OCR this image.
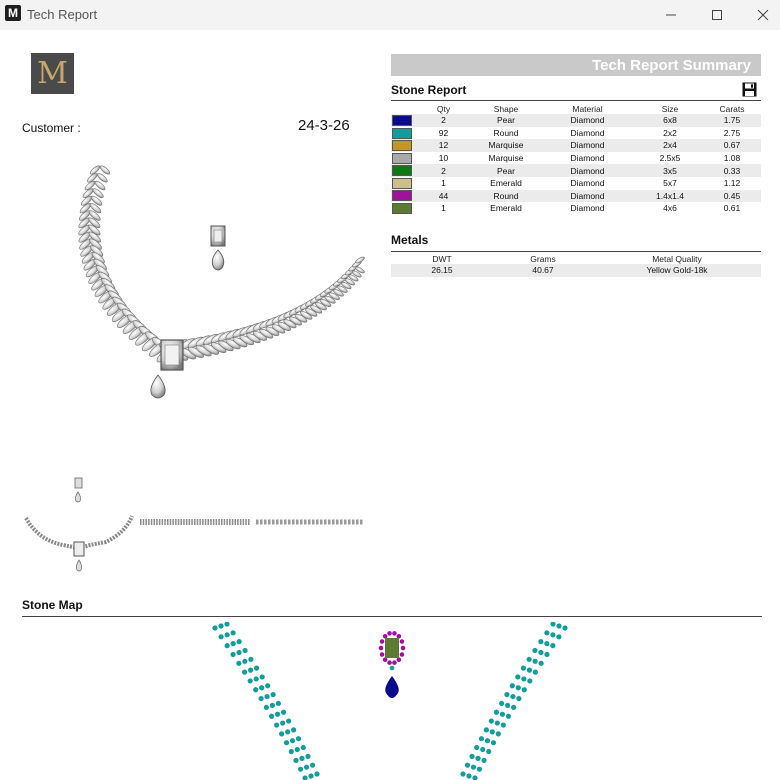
M Tech Report
M
Customer :	24-3-26
Tech Report Summary
Stone Report
	Qty	Shape	Material	Size	Carats
	2	Pear	Diamond	6x8	1.75
	92	Round	Diamond	2x2	2.75
	12	Marquise	Diamond	2x4	0.67
	10	Marquise	Diamond	2.5x5	1.08
	2	Pear	Diamond	3x5	0.33
	1	Emerald	Diamond	5x7	1.12
	44	Round	Diamond	1.4x1.4	0.45
	1	Emerald	Diamond	4x6	0.61
Metals
DWT	Grams	Metal Quality
26.15	40.67	Yellow Gold-18k
Stone Map
